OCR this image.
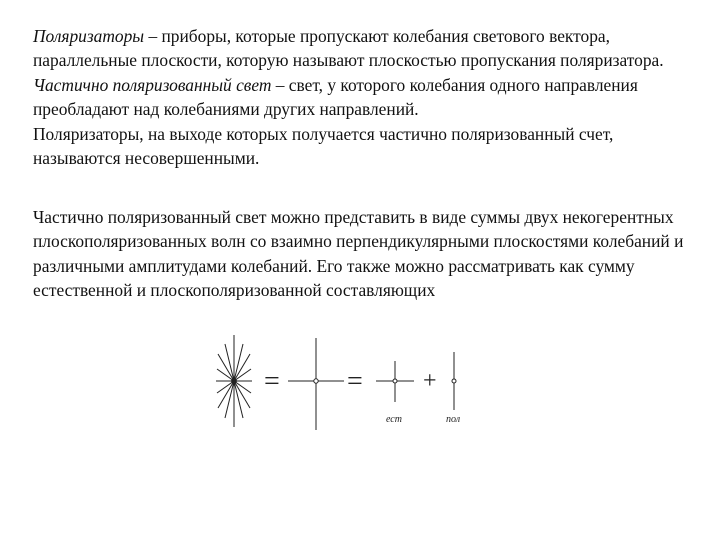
Поляризаторы – приборы, которые пропускают колебания светового вектора, параллельные плоскости, которую называют плоскостью пропускания поляризатора.

Частично поляризованный свет – свет, у которого колебания одного направления преобладают над колебаниями других направлений.

Поляризаторы, на выходе которых получается частично поляризованный счет, называются несовершенными.

Частично поляризованный свет можно представить в виде суммы двух некогерентных плоскополяризованных волн со взаимно перпендикулярными плоскостями колебаний и различными амплитудами колебаний. Его также можно рассматривать как сумму естественной и плоскополяризованной составляющих

= =	+
ест	пол
